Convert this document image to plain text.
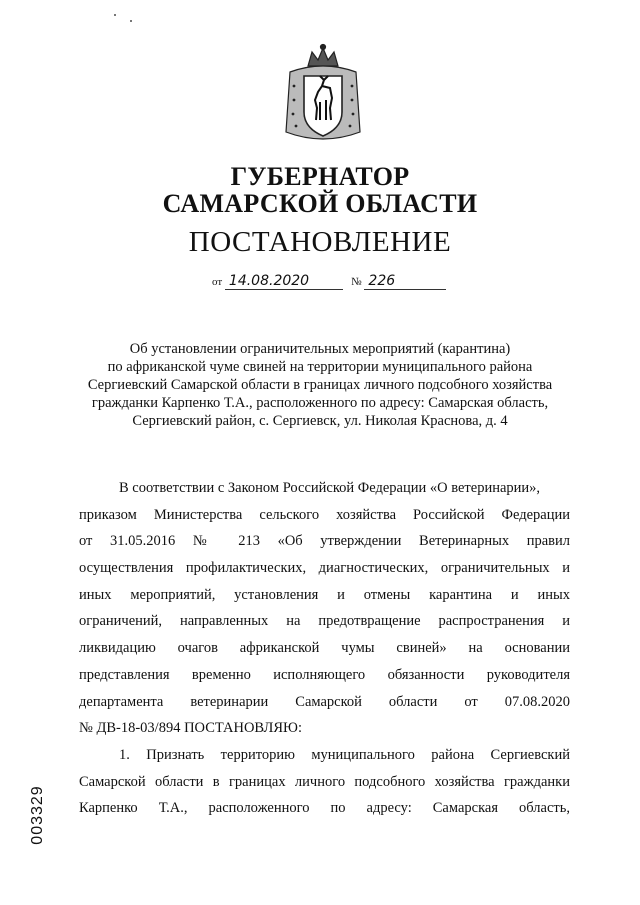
ГУБЕРНАТОР
САМАРСКОЙ ОБЛАСТИ
ПОСТАНОВЛЕНИЕ
от 14.08.2020	№ 226
Об установлении ограничительных мероприятий (карантина)
по африканской чуме свиней на территории муниципального района
Сергиевский Самарской области в границах личного подсобного хозяйства
гражданки Карпенко Т.А., расположенного по адресу: Самарская область,
Сергиевский район, с. Сергиевск, ул. Николая Краснова, д. 4
В соответствии с Законом Российской Федерации «О ветеринарии»,
приказом Министерства сельского хозяйства Российской Федерации
от 31.05.2016 № 213 «Об утверждении Ветеринарных правил
осуществления профилактических, диагностических, ограничительных и
иных мероприятий, установления и отмены карантина и иных
ограничений, направленных на предотвращение распространения и
ликвидацию очагов африканской чумы свиней» на основании
представления временно исполняющего обязанности руководителя
департамента ветеринарии Самарской области от 07.08.2020
№ ДВ-18-03/894 ПОСТАНОВЛЯЮ:
1. Признать территорию муниципального района Сергиевский
Самарской области в границах личного подсобного хозяйства гражданки
Карпенко Т.А., расположенного по адресу: Самарская область,
003329
